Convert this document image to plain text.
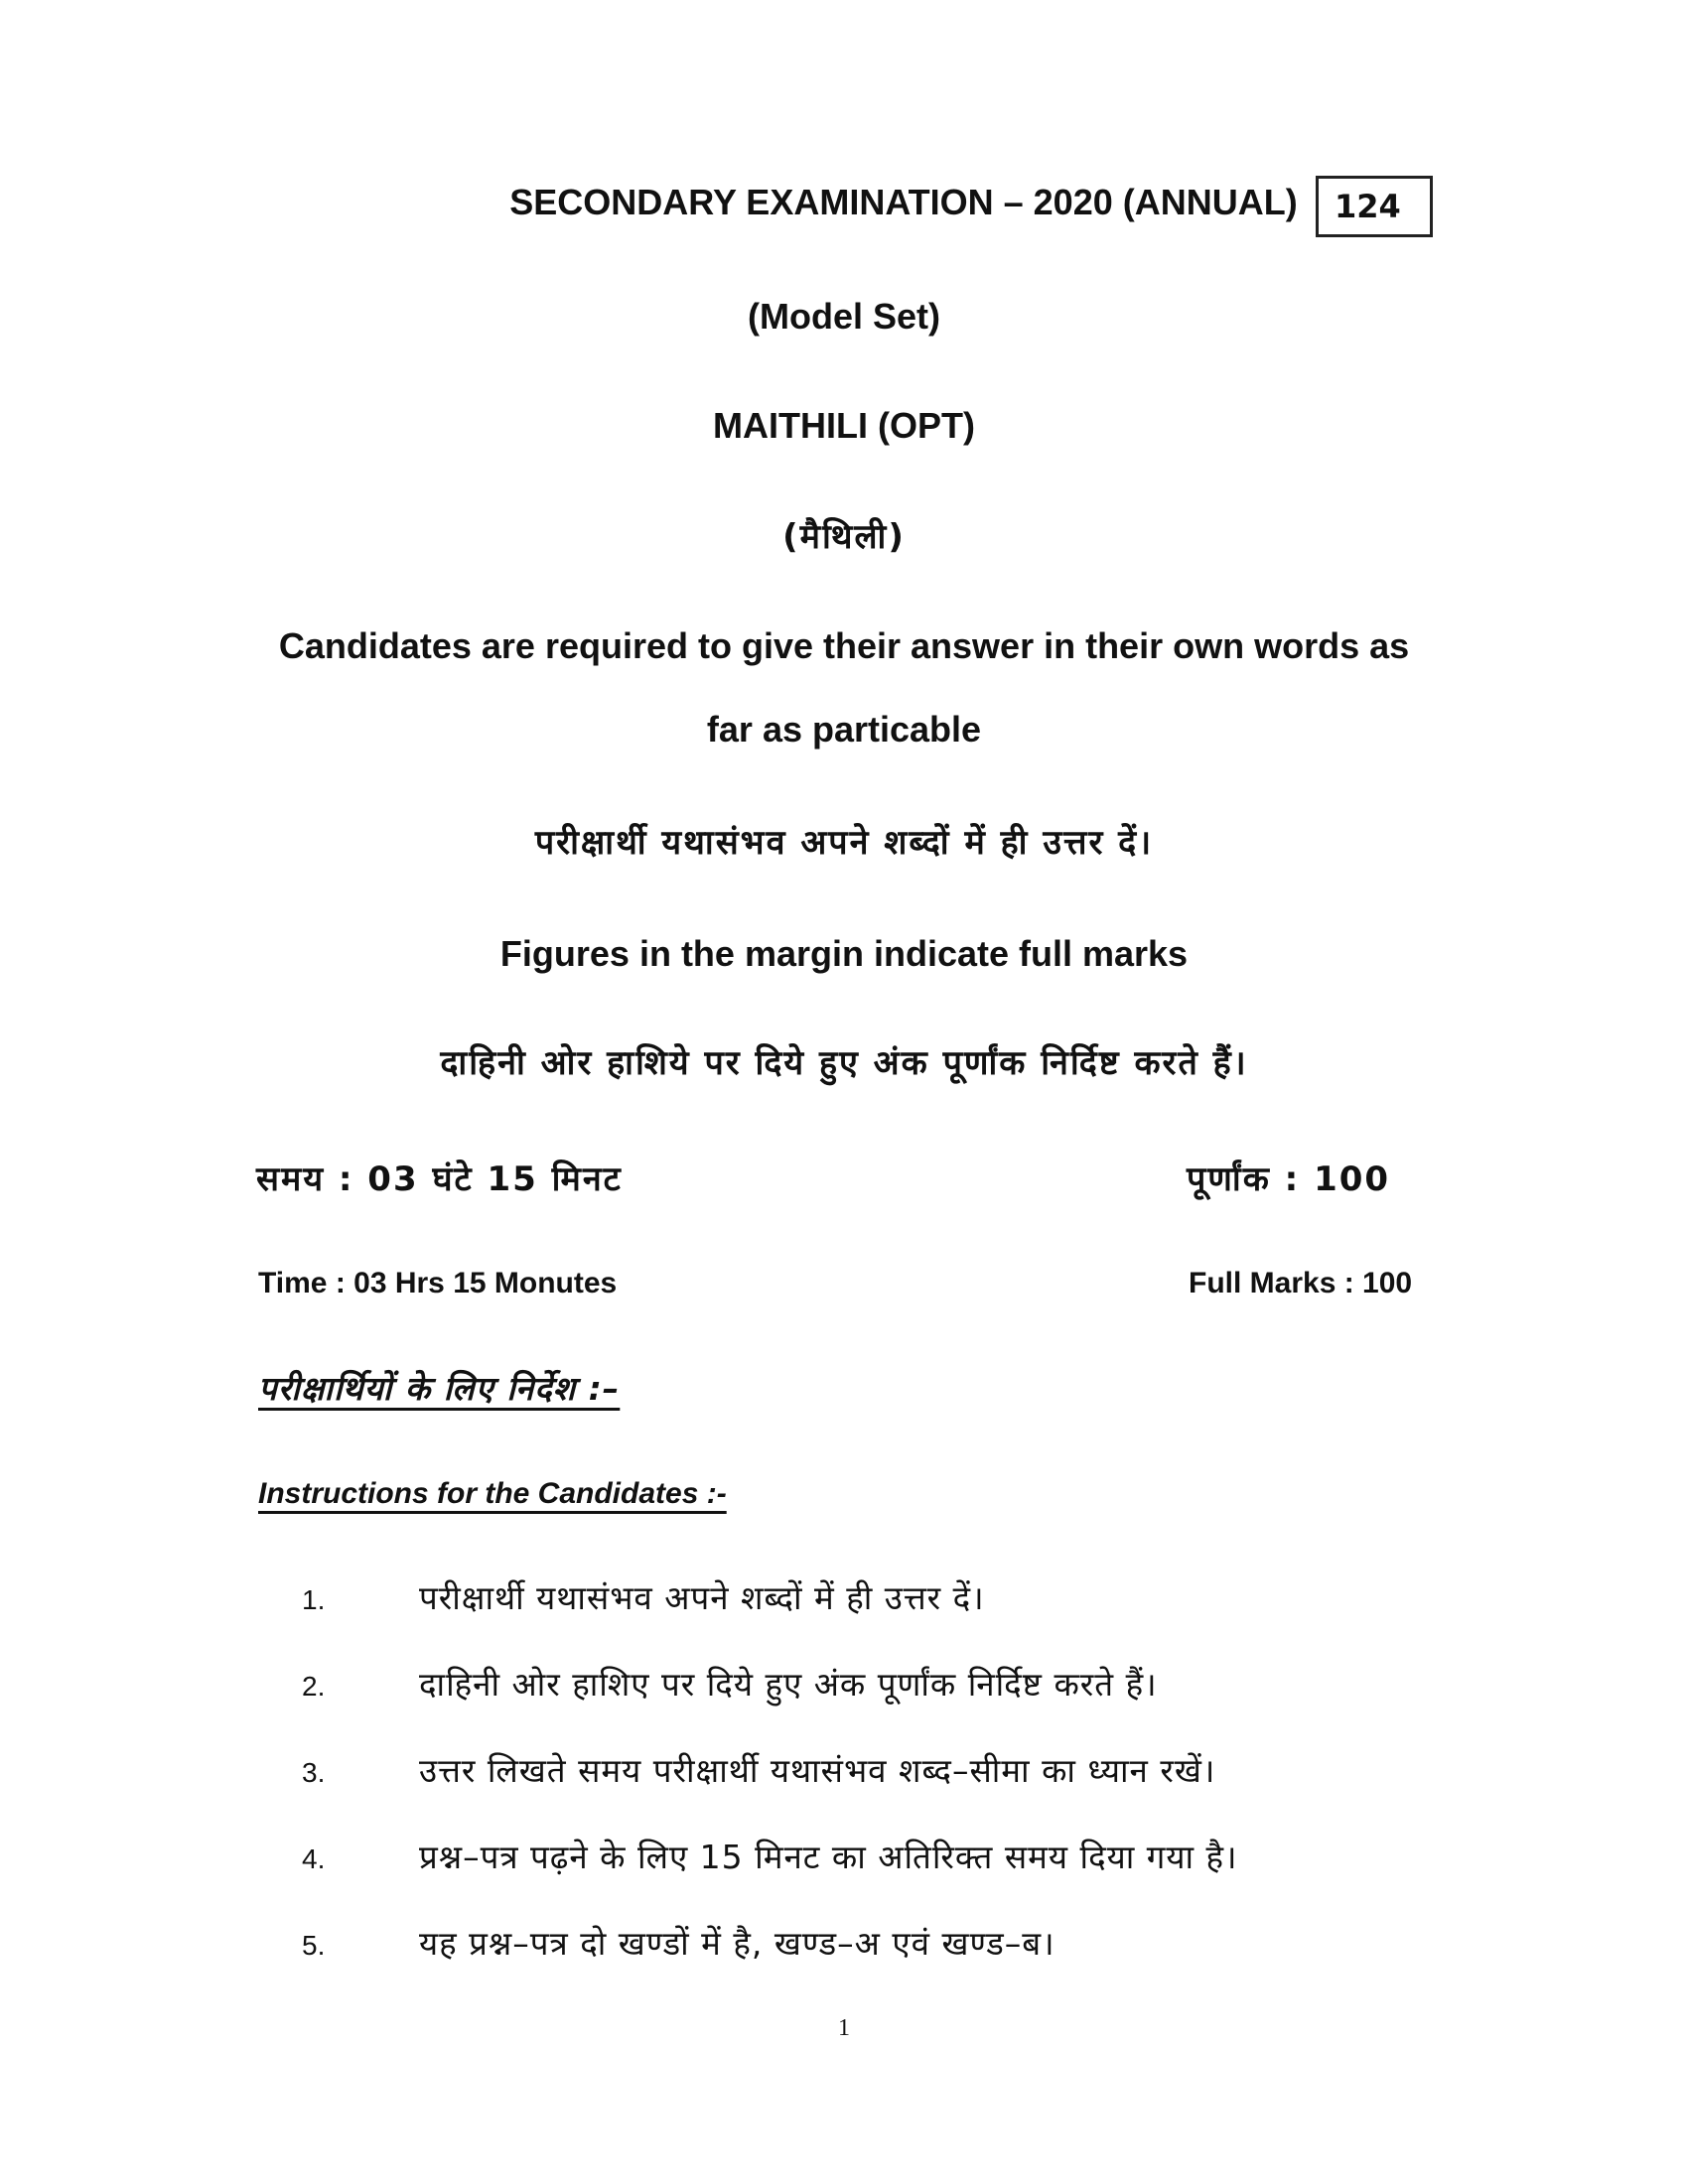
SECONDARY EXAMINATION – 2020 (ANNUAL)	124
(Model Set)
MAITHILI (OPT)
(मैथिली)
Candidates are required to give their answer in their own words as
far as particable
परीक्षार्थी यथासंभव अपने शब्दों में ही उत्तर दें।
Figures in the margin indicate full marks
दाहिनी ओर हाशिये पर दिये हुए अंक पूर्णांक निर्दिष्ट करते हैं।
समय : 03 घंटे 15 मिनट	पूर्णांक : 100
Time : 03 Hrs 15 Monutes	Full Marks : 100
परीक्षार्थियों के लिए निर्देश :–
Instructions for the Candidates :-
1.	परीक्षार्थी यथासंभव अपने शब्दों में ही उत्तर दें।
2.	दाहिनी ओर हाशिए पर दिये हुए अंक पूर्णांक निर्दिष्ट करते हैं।
3.	उत्तर लिखते समय परीक्षार्थी यथासंभव शब्द–सीमा का ध्यान रखें।
4.	प्रश्न–पत्र पढ़ने के लिए 15 मिनट का अतिरिक्त समय दिया गया है।
5.	यह प्रश्न–पत्र दो खण्डों में है, खण्ड–अ एवं खण्ड–ब।
1
